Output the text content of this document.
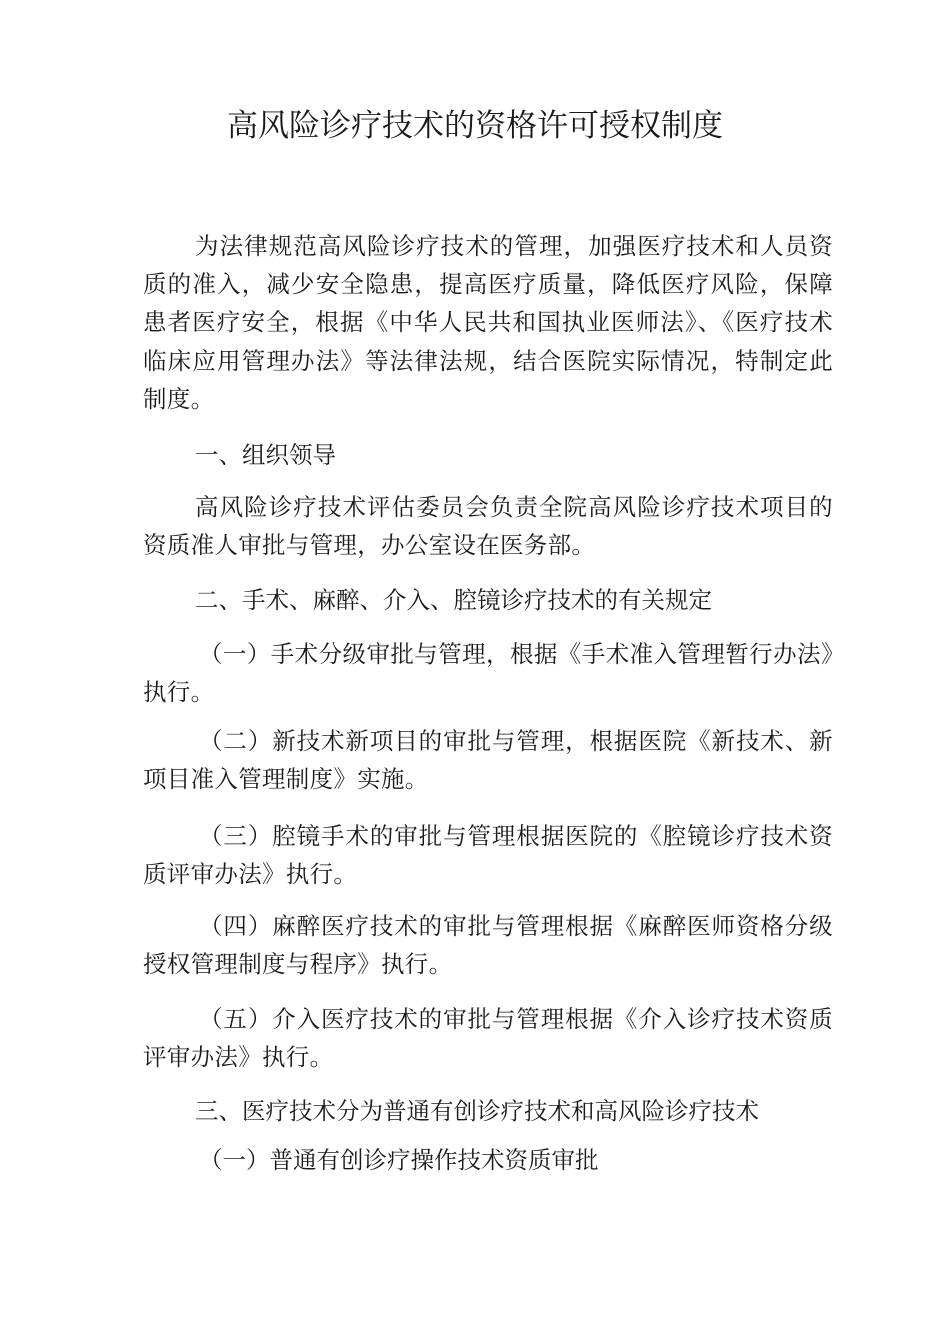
高风险诊疗技术的资格许可授权制度

为法律规范高风险诊疗技术的管理，加强医疗技术和人员资质的准入，减少安全隐患，提高医疗质量，降低医疗风险，保障患者医疗安全，根据《中华人民共和国执业医师法》、《医疗技术临床应用管理办法》等法律法规，结合医院实际情况，特制定此制度。

一、组织领导

高风险诊疗技术评估委员会负责全院高风险诊疗技术项目的资质准人审批与管理，办公室设在医务部。

二、手术、麻醉、介入、腔镜诊疗技术的有关规定

（一）手术分级审批与管理，根据《手术准入管理暂行办法》执行。

（二）新技术新项目的审批与管理，根据医院《新技术、新项目准入管理制度》实施。

（三）腔镜手术的审批与管理根据医院的《腔镜诊疗技术资质评审办法》执行。

（四）麻醉医疗技术的审批与管理根据《麻醉医师资格分级授权管理制度与程序》执行。

（五）介入医疗技术的审批与管理根据《介入诊疗技术资质评审办法》执行。

三、医疗技术分为普通有创诊疗技术和高风险诊疗技术

（一）普通有创诊疗操作技术资质审批
